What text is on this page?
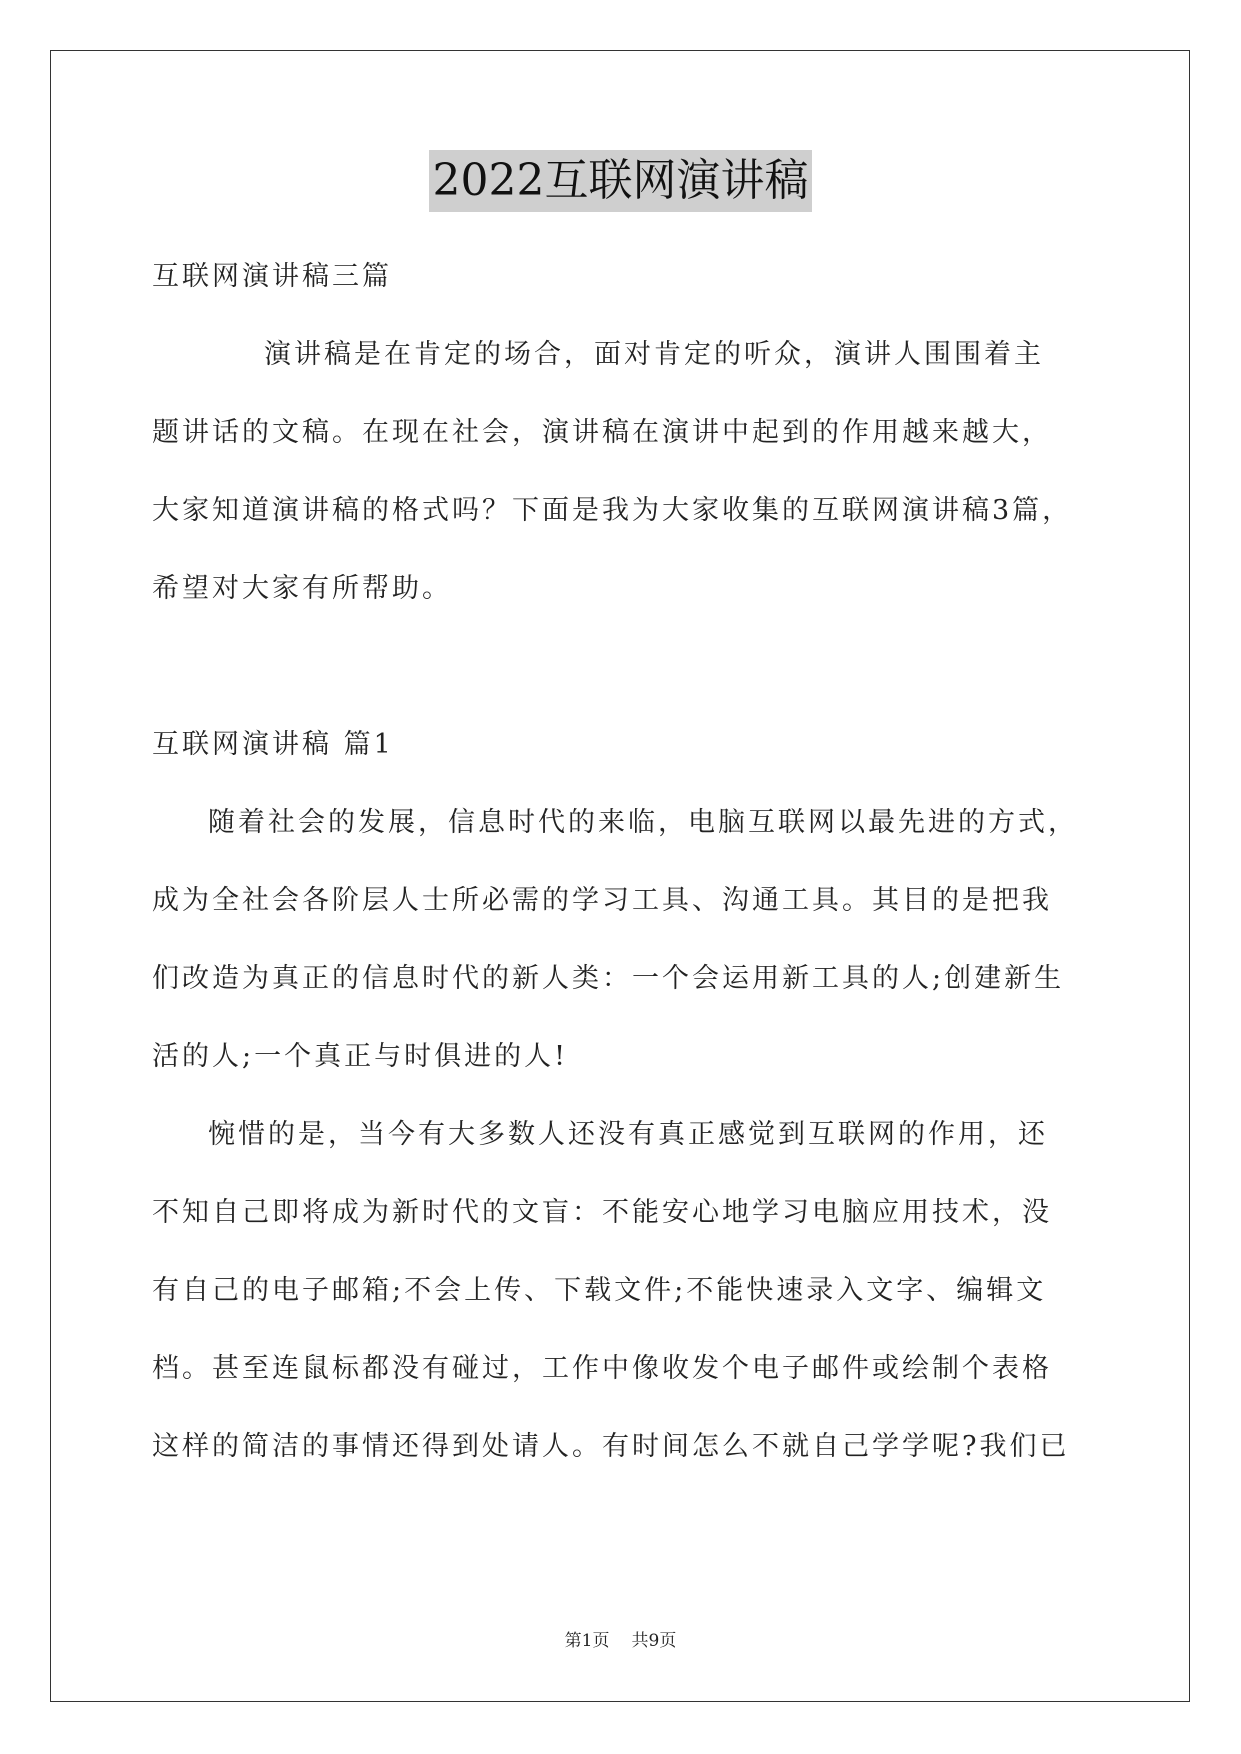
2022互联网演讲稿
互联网演讲稿三篇
演讲稿是在肯定的场合，面对肯定的听众，演讲人围围着主
题讲话的文稿。在现在社会，演讲稿在演讲中起到的作用越来越大，
大家知道演讲稿的格式吗？下面是我为大家收集的互联网演讲稿3篇，
希望对大家有所帮助。
互联网演讲稿 篇1
随着社会的发展，信息时代的来临，电脑互联网以最先进的方式，
成为全社会各阶层人士所必需的学习工具、沟通工具。其目的是把我
们改造为真正的信息时代的新人类：一个会运用新工具的人;创建新生
活的人;一个真正与时俱进的人!
惋惜的是，当今有大多数人还没有真正感觉到互联网的作用，还
不知自己即将成为新时代的文盲：不能安心地学习电脑应用技术，没
有自己的电子邮箱;不会上传、下载文件;不能快速录入文字、编辑文
档。甚至连鼠标都没有碰过，工作中像收发个电子邮件或绘制个表格
这样的简洁的事情还得到处请人。有时间怎么不就自己学学呢?我们已
第1页 共9页
